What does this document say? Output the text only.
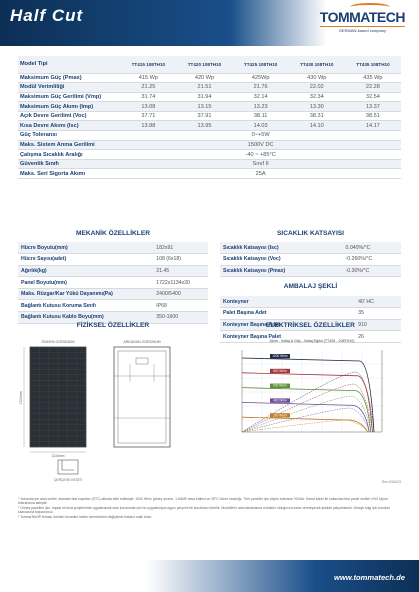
Half Cut	TOMMATECH
GERMAN-based company
Model Tipi	TT415 108TH10	TT420 108TH10	TT425 108TH10	TT430 108TH10	TT435 108TH10
Maksimum Güç (Pmax)	415 Wp	420 Wp	425Wp	430 Wp	435 Wp
Modül Verimliliği	21.25	21.51	21.76	22.02	22.28
Maksimum Güç Gerilimi (Vmp)	31.74	31.94	32.14	32.34	32.54
Maksimum Güç Akımı (Imp)	13.08	13.15	13.23	13.30	13.37
Açık Devre Gerilimi (Voc)	37.71	37.91	38.11	38.31	38.51
Kısa Devre Akımı (Isc)	13.88	13.95	14.03	14.10	14.17
Güç Toleransı	0~+5W				
Maks. Sistem Anma Gerilimi	1500V DC				
Çalışma Sıcaklık Aralığı	-40 ~ +85°C				
Güvenlik Sınıfı	Sınıf II				
Maks. Seri Sigorta Akımı	25A				
MEKANİK ÖZELLİKLER
Hücre Boyutu(mm)	182x91
Hücre Sayısı(adet)	108 (6x18)
Ağırlık(kg)	21.45
Panel Boyutu(mm)	1722x1134x30
Maks. Rüzgar/Kar Yükü Dayanımı(Pa)	2400/5400
Bağlantı Kutusu Koruma Sınıfı	IP68
Bağlantı Kutusu Kablo Boyu(mm)	350-1600
SICAKLIK KATSAYISI
Sıcaklık Katsayısı (Isc)	0.040%/°C
Sıcaklık Katsayısı (Voc)	-0.260%/°C
Sıcaklık Katsayısı (Pmax)	-0.30%/°C
AMBALAJ ŞEKLİ
Konteyner	40' HC
Palet Başına Adet	35
Konteyner Başına Adet	910
Konteyner Başına Palet	26
FİZİKSEL ÖZELLİKLER	ELEKTRİKSEL ÖZELLİKLER
ÖNDEN GÖRÜNÜM
1134mm
1722mm
ARKADAN GÖRÜNÜM
ÇERÇEVE KESİTİ
Akım - Voltaj & Güç - Voltaj Eğrisi (TT425 - 108TH10)
1000 W/m²
800 W/m²
600 W/m²
400 W/m²
200 W/m²
Rev.0/06/23

* Yukarıda yer alan veriler, standart test koşulları (STC) altında elde edilmiştir: 1000 W/m² güneş ışınımı, 1.5AM0 hava kütlesi ve 25°C hücre sıcaklığı. Tüm paneller için ölçüm toleransı %3'dür. Kanal kablo ile kullanılan tüm panel verileri ±%3 ölçüm toleransına sahiptir.

* Güneş panelleri için, inşaat ve bina projelerinde uygulanacak olan kurulumlar için bu uygulamaya uygun çerçeve ile kurulması önerilir. Modüllerin arka tabakasına mümkün olduğunca zarar vermeyecek şekilde çalışılmalıdır. Detaylı bilgi için kurulum kılavuzuna başvurunuz.

* TommaTech® firması ürünleri önceden haber vermeksizin değiştirme hakkını saklı tutar.

www.tommatech.de
